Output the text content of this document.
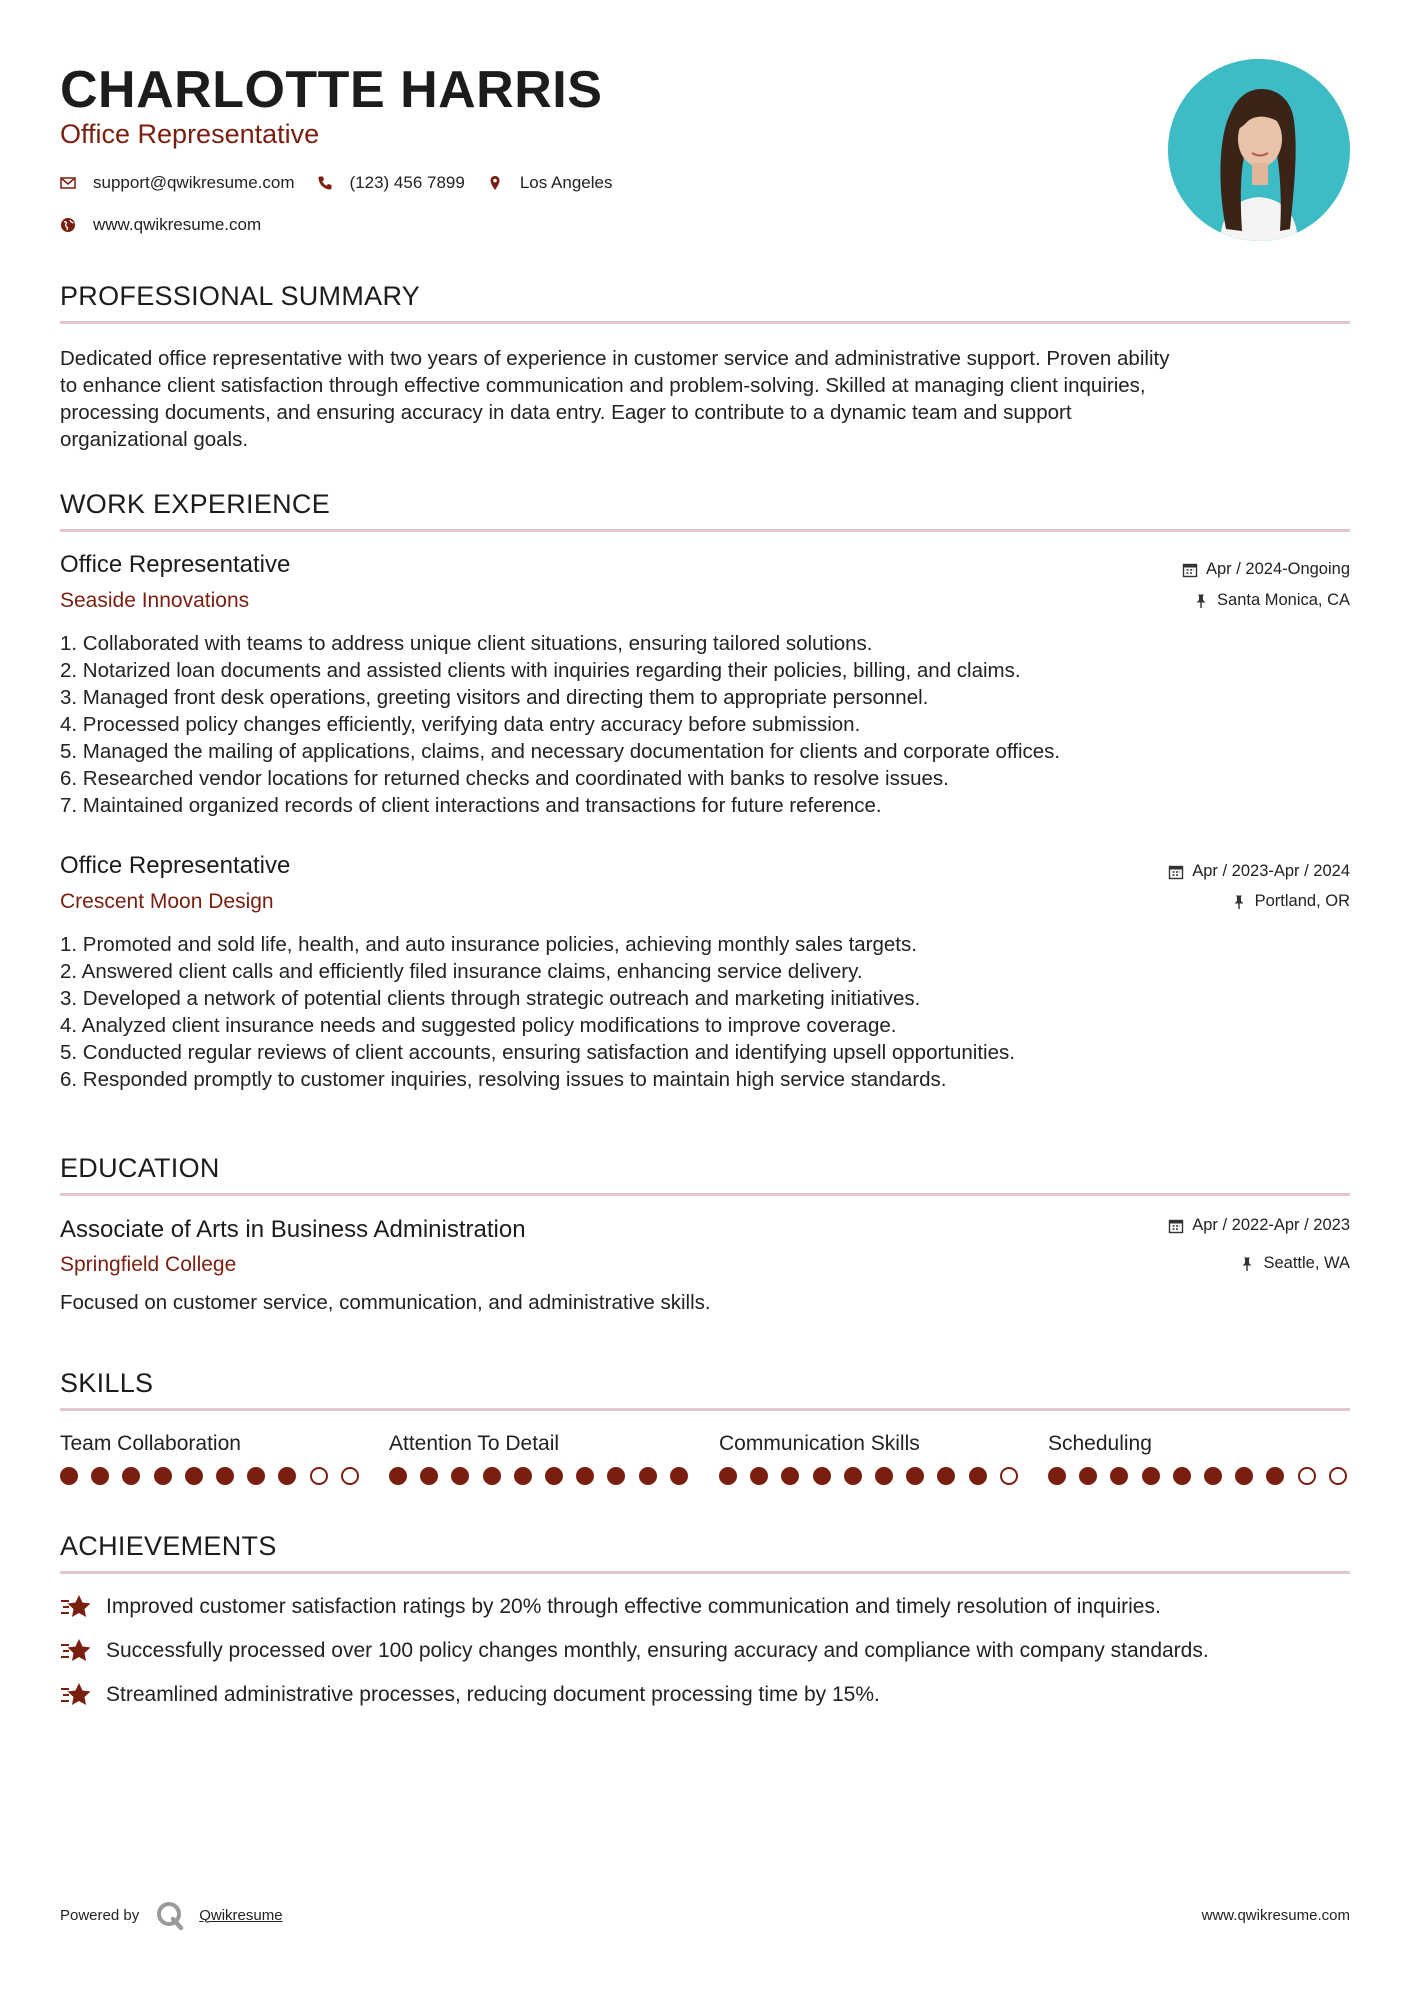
CHARLOTTE HARRIS
Office Representative
support@qwikresume.com	(123) 456 7899	Los Angeles
www.qwikresume.com
PROFESSIONAL SUMMARY
Dedicated office representative with two years of experience in customer service and administrative support. Proven ability
to enhance client satisfaction through effective communication and problem-solving. Skilled at managing client inquiries,
processing documents, and ensuring accuracy in data entry. Eager to contribute to a dynamic team and support
organizational goals.
WORK EXPERIENCE
Office Representative
Seaside Innovations
Apr / 2024-Ongoing
Santa Monica, CA
1. Collaborated with teams to address unique client situations, ensuring tailored solutions.
2. Notarized loan documents and assisted clients with inquiries regarding their policies, billing, and claims.
3. Managed front desk operations, greeting visitors and directing them to appropriate personnel.
4. Processed policy changes efficiently, verifying data entry accuracy before submission.
5. Managed the mailing of applications, claims, and necessary documentation for clients and corporate offices.
6. Researched vendor locations for returned checks and coordinated with banks to resolve issues.
7. Maintained organized records of client interactions and transactions for future reference.
Office Representative
Crescent Moon Design
Apr / 2023-Apr / 2024
Portland, OR
1. Promoted and sold life, health, and auto insurance policies, achieving monthly sales targets.
2. Answered client calls and efficiently filed insurance claims, enhancing service delivery.
3. Developed a network of potential clients through strategic outreach and marketing initiatives.
4. Analyzed client insurance needs and suggested policy modifications to improve coverage.
5. Conducted regular reviews of client accounts, ensuring satisfaction and identifying upsell opportunities.
6. Responded promptly to customer inquiries, resolving issues to maintain high service standards.
EDUCATION
Associate of Arts in Business Administration
Springfield College
Apr / 2022-Apr / 2023
Seattle, WA
Focused on customer service, communication, and administrative skills.
SKILLS
Team Collaboration	Attention To Detail	Communication Skills	Scheduling
ACHIEVEMENTS
Improved customer satisfaction ratings by 20% through effective communication and timely resolution of inquiries.
Successfully processed over 100 policy changes monthly, ensuring accuracy and compliance with company standards.
Streamlined administrative processes, reducing document processing time by 15%.
Powered by	Qwikresume	www.qwikresume.com
